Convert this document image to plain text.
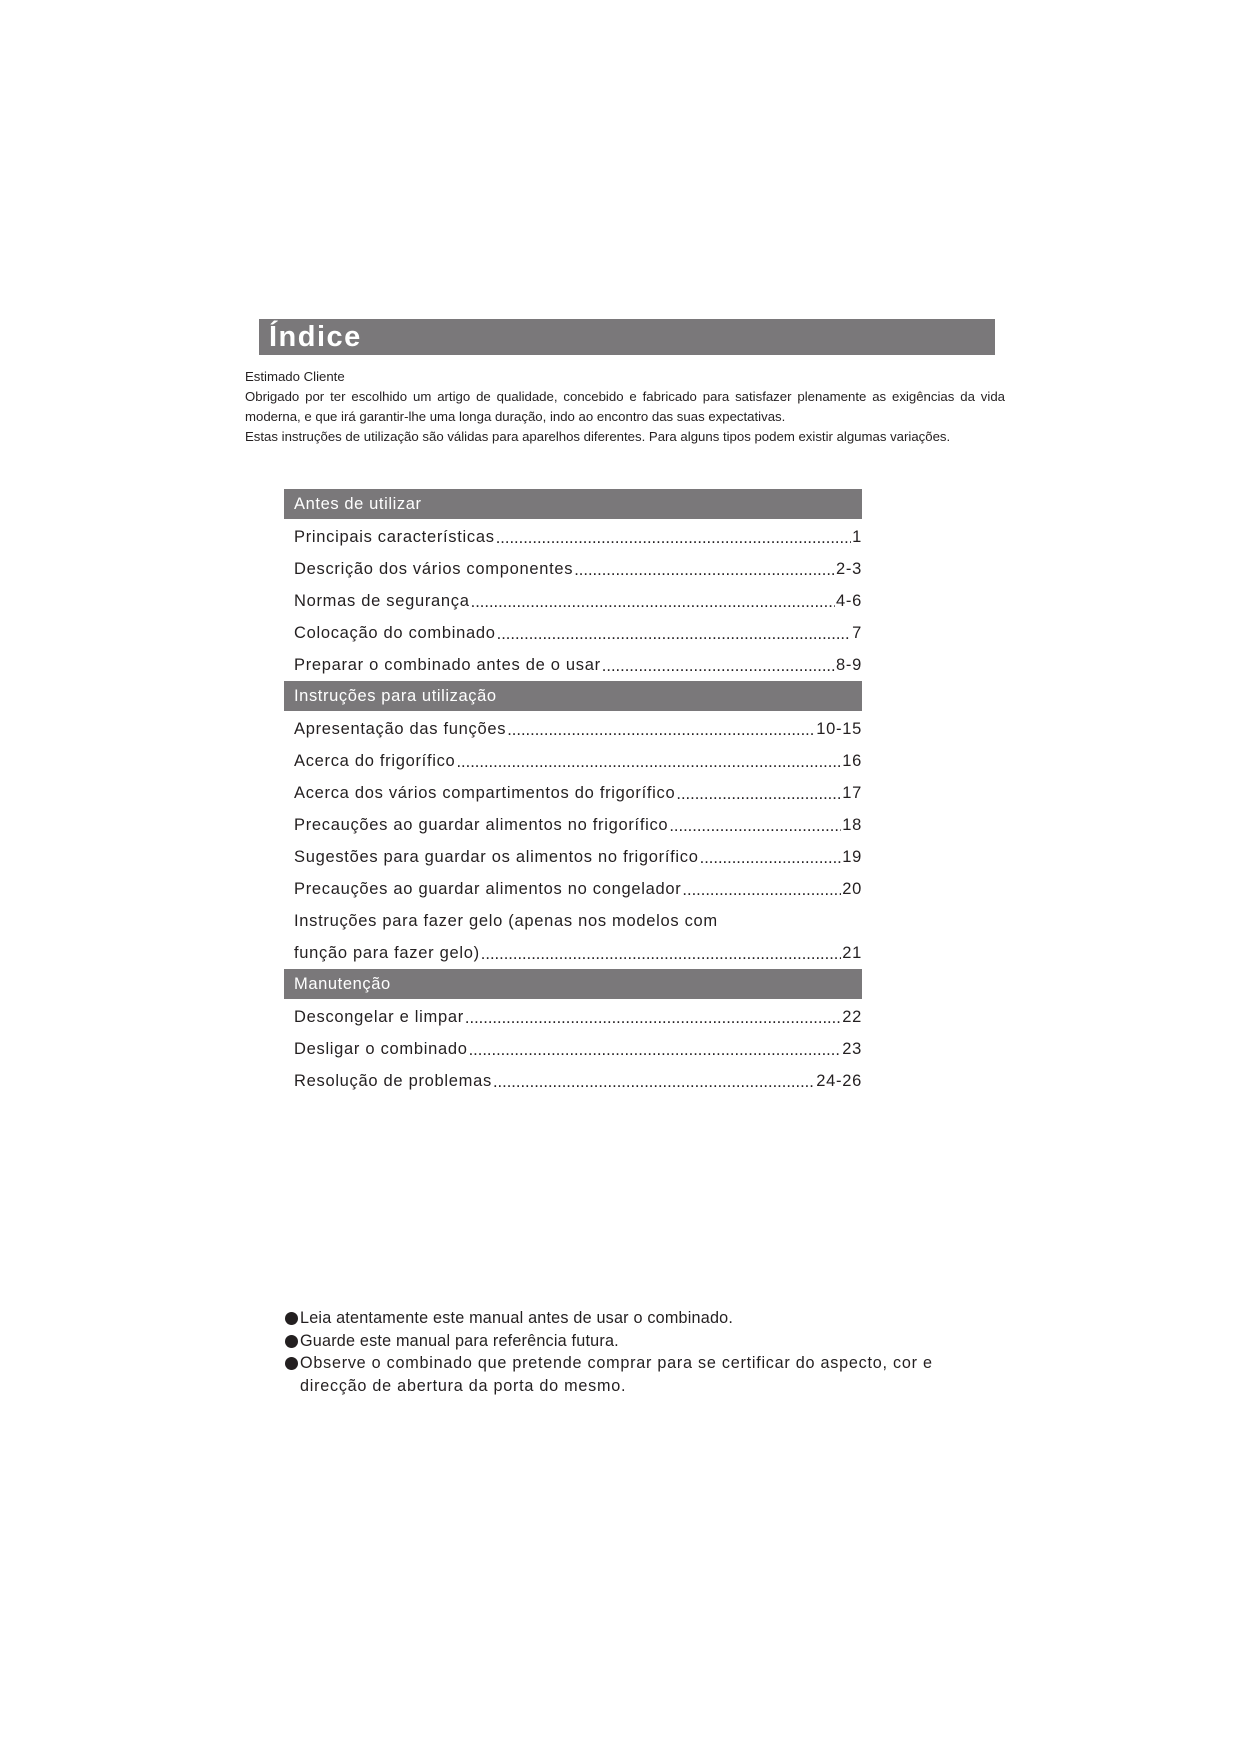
Índice

Estimado Cliente

Obrigado por ter escolhido um artigo de qualidade, concebido e fabricado para satisfazer plenamente as exigências da vida moderna, e que irá garantir-lhe uma longa duração, indo ao encontro das suas expectativas.

Estas instruções de utilização são válidas para aparelhos diferentes. Para alguns tipos podem existir algumas variações.

Antes de utilizar
Principais características .....	1
Descrição dos vários componentes .....	2-3
Normas de segurança .....	4-6
Colocação do combinado .....	7
Preparar o combinado antes de o usar .....	8-9
Instruções para utilização
Apresentação das funções .....	10-15
Acerca do frigorífico .....	16
Acerca dos vários compartimentos do frigorífico .....	17
Precauções ao guardar alimentos no frigorífico .....	18
Sugestões para guardar os alimentos no frigorífico .....	19
Precauções ao guardar alimentos no congelador .....	20
Instruções para fazer gelo (apenas nos modelos com
função para fazer gelo) .....	21
Manutenção
Descongelar e limpar .....	22
Desligar o combinado .....	23
Resolução de problemas .....	24-26
Leia atentamente este manual antes de usar o combinado.
Guarde este manual para referência futura.
Observe o combinado que pretende comprar para se certificar do aspecto, cor e direcção de abertura da porta do mesmo.
